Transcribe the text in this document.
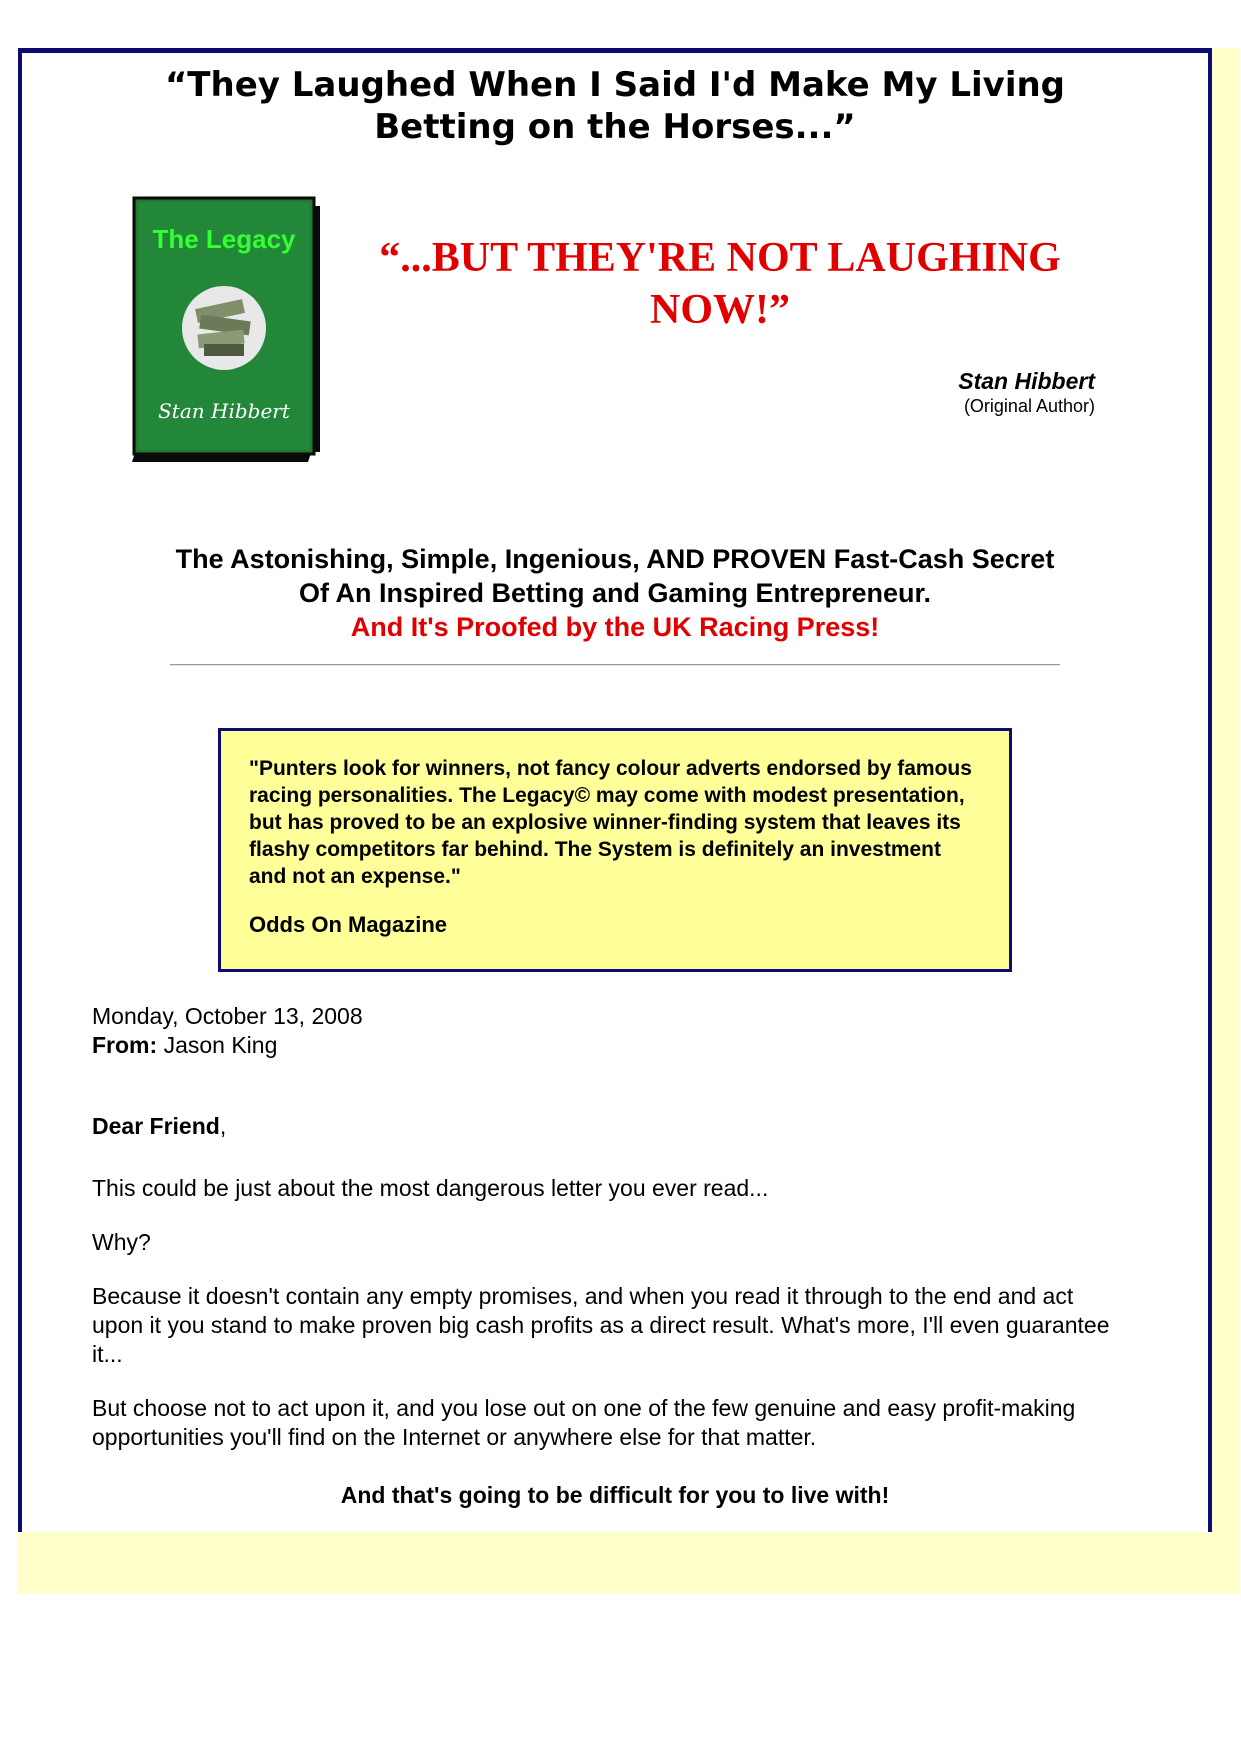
“They Laughed When I Said I'd Make My Living
Betting on the Horses...”
The Legacy
Stan Hibbert
“...BUT THEY'RE NOT LAUGHING
NOW!”
Stan Hibbert
(Original Author)
The Astonishing, Simple, Ingenious, AND PROVEN Fast-Cash Secret
Of An Inspired Betting and Gaming Entrepreneur.
And It's Proofed by the UK Racing Press!
"Punters look for winners, not fancy colour adverts endorsed by famous racing personalities. The Legacy© may come with modest presentation, but has proved to be an explosive winner-finding system that leaves its flashy competitors far behind. The System is definitely an investment and not an expense."
Odds On Magazine
Monday, October 13, 2008
From: Jason King
Dear Friend,
This could be just about the most dangerous letter you ever read...
Why?
Because it doesn't contain any empty promises, and when you read it through to the end and act upon it you stand to make proven big cash profits as a direct result. What's more, I'll even guarantee it...
But choose not to act upon it, and you lose out on one of the few genuine and easy profit-making opportunities you'll find on the Internet or anywhere else for that matter.
And that's going to be difficult for you to live with!
